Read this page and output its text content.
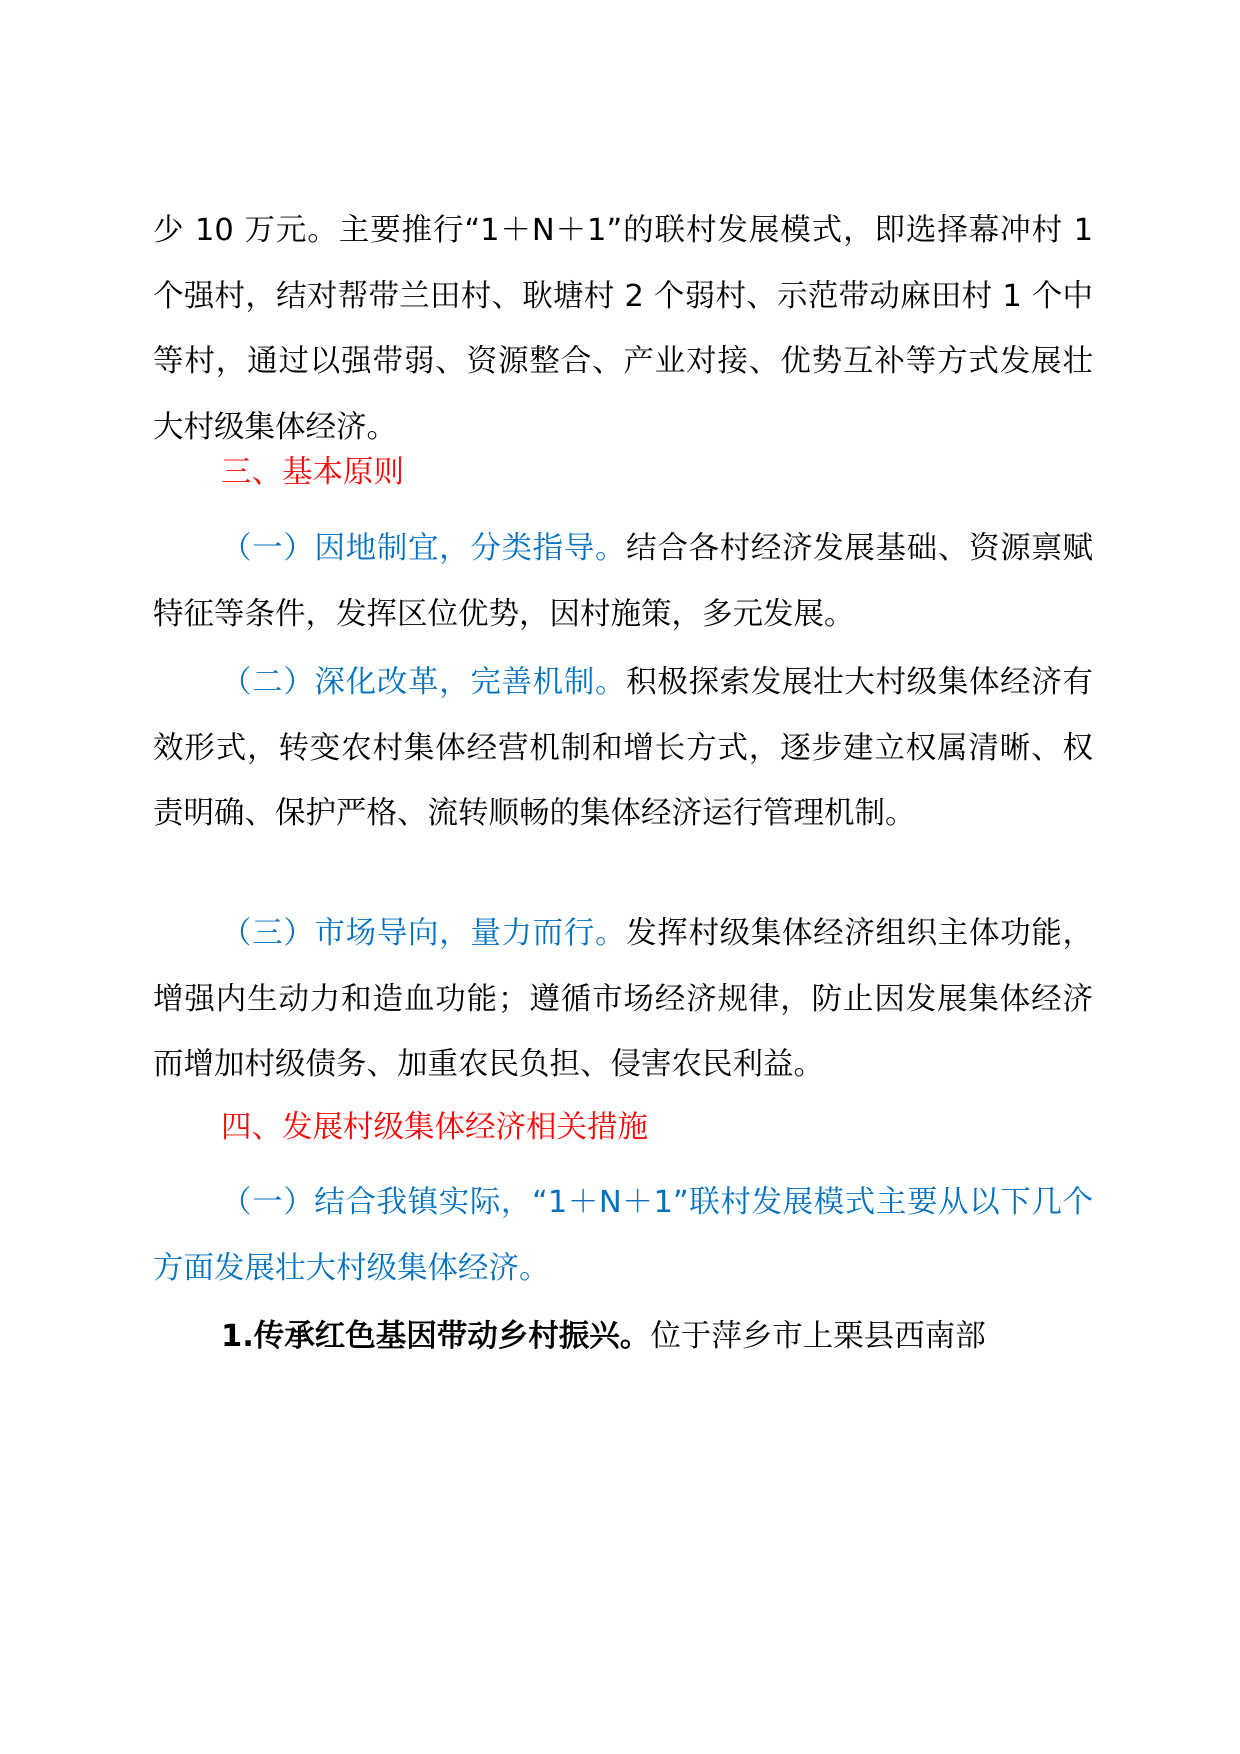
少 10 万元。主要推行“1＋N＋1”的联村发展模式，即选择幕冲村 1 个强村，结对帮带兰田村、耿塘村 2 个弱村、示范带动麻田村 1 个中等村，通过以强带弱、资源整合、产业对接、优势互补等方式发展壮大村级集体经济。

三、基本原则

（一）因地制宜，分类指导。结合各村经济发展基础、资源禀赋特征等条件，发挥区位优势，因村施策，多元发展。

（二）深化改革，完善机制。积极探索发展壮大村级集体经济有效形式，转变农村集体经营机制和增长方式，逐步建立权属清晰、权责明确、保护严格、流转顺畅的集体经济运行管理机制。

（三）市场导向，量力而行。发挥村级集体经济组织主体功能，增强内生动力和造血功能；遵循市场经济规律，防止因发展集体经济而增加村级债务、加重农民负担、侵害农民利益。

四、发展村级集体经济相关措施

（一）结合我镇实际，“1＋N＋1”联村发展模式主要从以下几个方面发展壮大村级集体经济。

1.传承红色基因带动乡村振兴。位于萍乡市上栗县西南部
